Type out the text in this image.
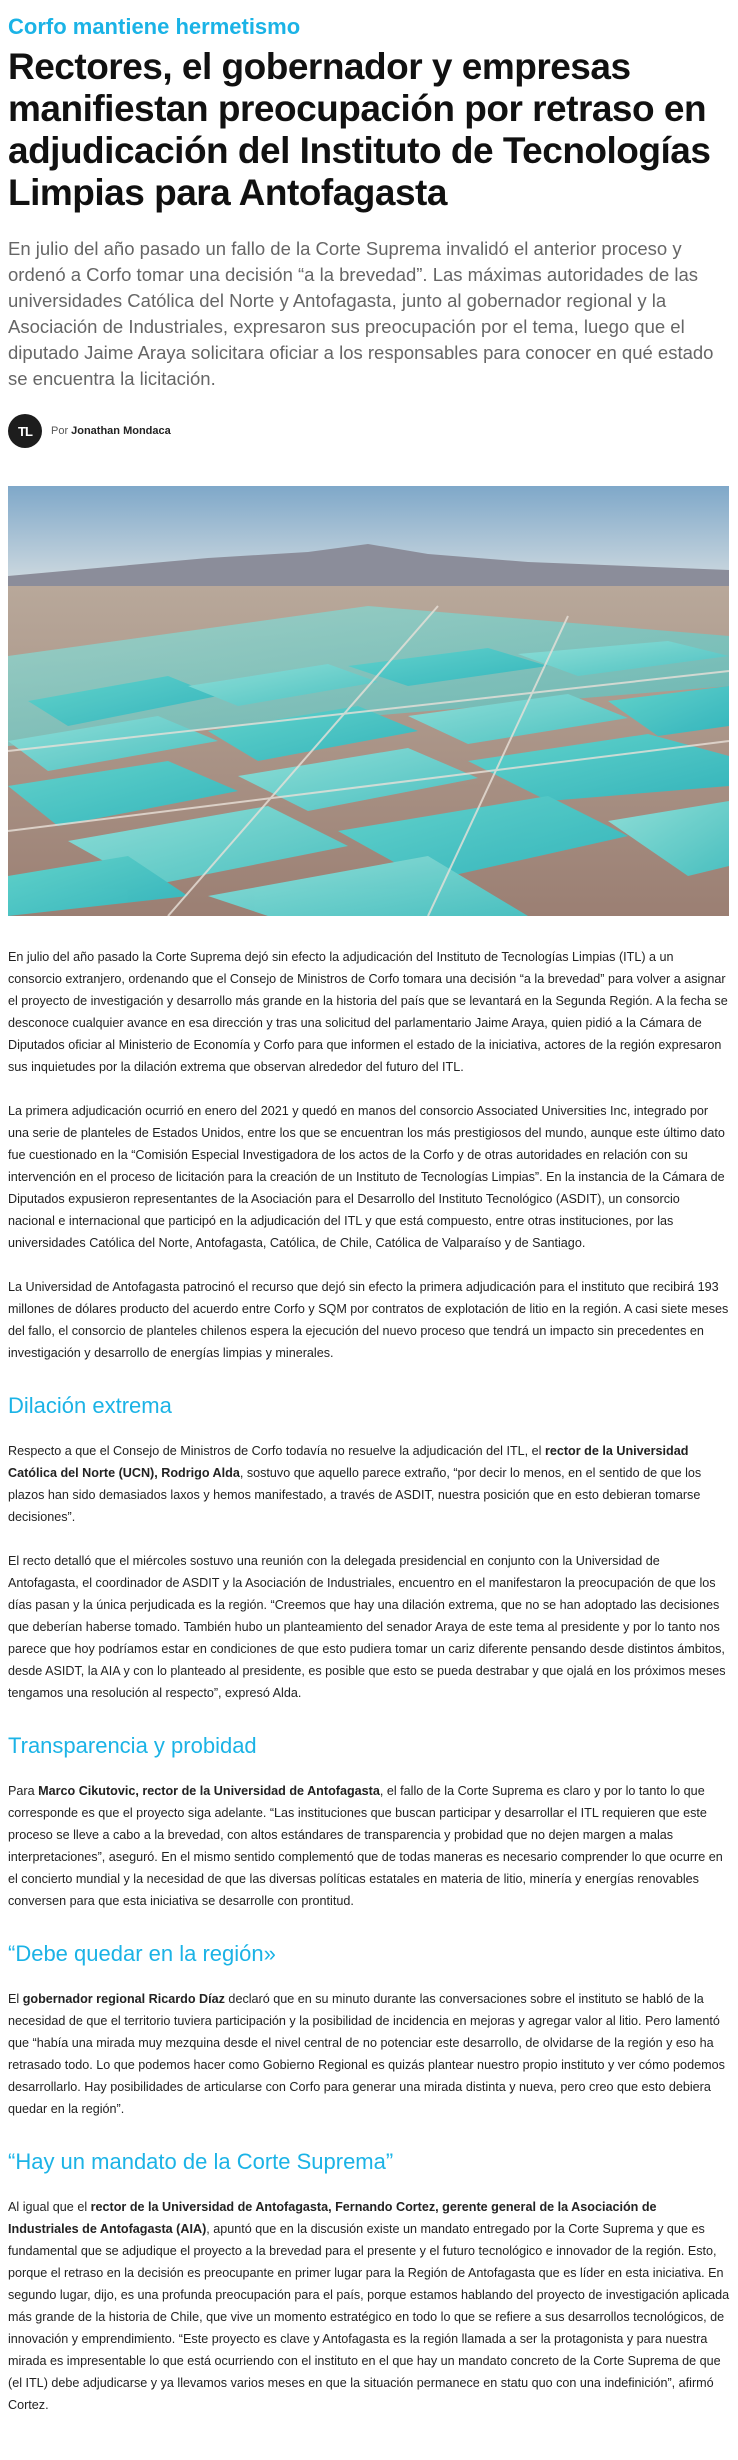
Corfo mantiene hermetismo
Rectores, el gobernador y empresas manifiestan preocupación por retraso en adjudicación del Instituto de Tecnologías Limpias para Antofagasta

En julio del año pasado un fallo de la Corte Suprema invalidó el anterior proceso y ordenó a Corfo tomar una decisión “a la brevedad”. Las máximas autoridades de las universidades Católica del Norte y Antofagasta, junto al gobernador regional y la Asociación de Industriales, expresaron sus preocupación por el tema, luego que el diputado Jaime Araya solicitara oficiar a los responsables para conocer en qué estado se encuentra la licitación.

TL Por Jonathan Mondaca

En julio del año pasado la Corte Suprema dejó sin efecto la adjudicación del Instituto de Tecnologías Limpias (ITL) a un consorcio extranjero, ordenando que el Consejo de Ministros de Corfo tomara una decisión “a la brevedad” para volver a asignar el proyecto de investigación y desarrollo más grande en la historia del país que se levantará en la Segunda Región. A la fecha se desconoce cualquier avance en esa dirección y tras una solicitud del parlamentario Jaime Araya, quien pidió a la Cámara de Diputados oficiar al Ministerio de Economía y Corfo para que informen el estado de la iniciativa, actores de la región expresaron sus inquietudes por la dilación extrema que observan alrededor del futuro del ITL.

La primera adjudicación ocurrió en enero del 2021 y quedó en manos del consorcio Associated Universities Inc, integrado por una serie de planteles de Estados Unidos, entre los que se encuentran los más prestigiosos del mundo, aunque este último dato fue cuestionado en la “Comisión Especial Investigadora de los actos de la Corfo y de otras autoridades en relación con su intervención en el proceso de licitación para la creación de un Instituto de Tecnologías Limpias”. En la instancia de la Cámara de Diputados expusieron representantes de la Asociación para el Desarrollo del Instituto Tecnológico (ASDIT), un consorcio nacional e internacional que participó en la adjudicación del ITL y que está compuesto, entre otras instituciones, por las universidades Católica del Norte, Antofagasta, Católica, de Chile, Católica de Valparaíso y de Santiago.

La Universidad de Antofagasta patrocinó el recurso que dejó sin efecto la primera adjudicación para el instituto que recibirá 193 millones de dólares producto del acuerdo entre Corfo y SQM por contratos de explotación de litio en la región. A casi siete meses del fallo, el consorcio de planteles chilenos espera la ejecución del nuevo proceso que tendrá un impacto sin precedentes en investigación y desarrollo de energías limpias y minerales.

Dilación extrema

Respecto a que el Consejo de Ministros de Corfo todavía no resuelve la adjudicación del ITL, el rector de la Universidad Católica del Norte (UCN), Rodrigo Alda, sostuvo que aquello parece extraño, “por decir lo menos, en el sentido de que los plazos han sido demasiados laxos y hemos manifestado, a través de ASDIT, nuestra posición que en esto debieran tomarse decisiones”.

El recto detalló que el miércoles sostuvo una reunión con la delegada presidencial en conjunto con la Universidad de Antofagasta, el coordinador de ASDIT y la Asociación de Industriales, encuentro en el manifestaron la preocupación de que los días pasan y la única perjudicada es la región. “Creemos que hay una dilación extrema, que no se han adoptado las decisiones que deberían haberse tomado. También hubo un planteamiento del senador Araya de este tema al presidente y por lo tanto nos parece que hoy podríamos estar en condiciones de que esto pudiera tomar un cariz diferente pensando desde distintos ámbitos, desde ASIDT, la AIA y con lo planteado al presidente, es posible que esto se pueda destrabar y que ojalá en los próximos meses tengamos una resolución al respecto”, expresó Alda.

Transparencia y probidad

Para Marco Cikutovic, rector de la Universidad de Antofagasta, el fallo de la Corte Suprema es claro y por lo tanto lo que corresponde es que el proyecto siga adelante. “Las instituciones que buscan participar y desarrollar el ITL requieren que este proceso se lleve a cabo a la brevedad, con altos estándares de transparencia y probidad que no dejen margen a malas interpretaciones”, aseguró. En el mismo sentido complementó que de todas maneras es necesario comprender lo que ocurre en el concierto mundial y la necesidad de que las diversas políticas estatales en materia de litio, minería y energías renovables conversen para que esta iniciativa se desarrolle con prontitud.

“Debe quedar en la región»

El gobernador regional Ricardo Díaz declaró que en su minuto durante las conversaciones sobre el instituto se habló de la necesidad de que el territorio tuviera participación y la posibilidad de incidencia en mejoras y agregar valor al litio. Pero lamentó que “había una mirada muy mezquina desde el nivel central de no potenciar este desarrollo, de olvidarse de la región y eso ha retrasado todo. Lo que podemos hacer como Gobierno Regional es quizás plantear nuestro propio instituto y ver cómo podemos desarrollarlo. Hay posibilidades de articularse con Corfo para generar una mirada distinta y nueva, pero creo que esto debiera quedar en la región”.

“Hay un mandato de la Corte Suprema”

Al igual que el rector de la Universidad de Antofagasta, Fernando Cortez, gerente general de la Asociación de Industriales de Antofagasta (AIA), apuntó que en la discusión existe un mandato entregado por la Corte Suprema y que es fundamental que se adjudique el proyecto a la brevedad para el presente y el futuro tecnológico e innovador de la región. Esto, porque el retraso en la decisión es preocupante en primer lugar para la Región de Antofagasta que es líder en esta iniciativa. En segundo lugar, dijo, es una profunda preocupación para el país, porque estamos hablando del proyecto de investigación aplicada más grande de la historia de Chile, que vive un momento estratégico en todo lo que se refiere a sus desarrollos tecnológicos, de innovación y emprendimiento. “Este proyecto es clave y Antofagasta es la región llamada a ser la protagonista y para nuestra mirada es impresentable lo que está ocurriendo con el instituto en el que hay un mandato concreto de la Corte Suprema de que (el ITL) debe adjudicarse y ya llevamos varios meses en que la situación permanece en statu quo con una indefinición”, afirmó Cortez.
